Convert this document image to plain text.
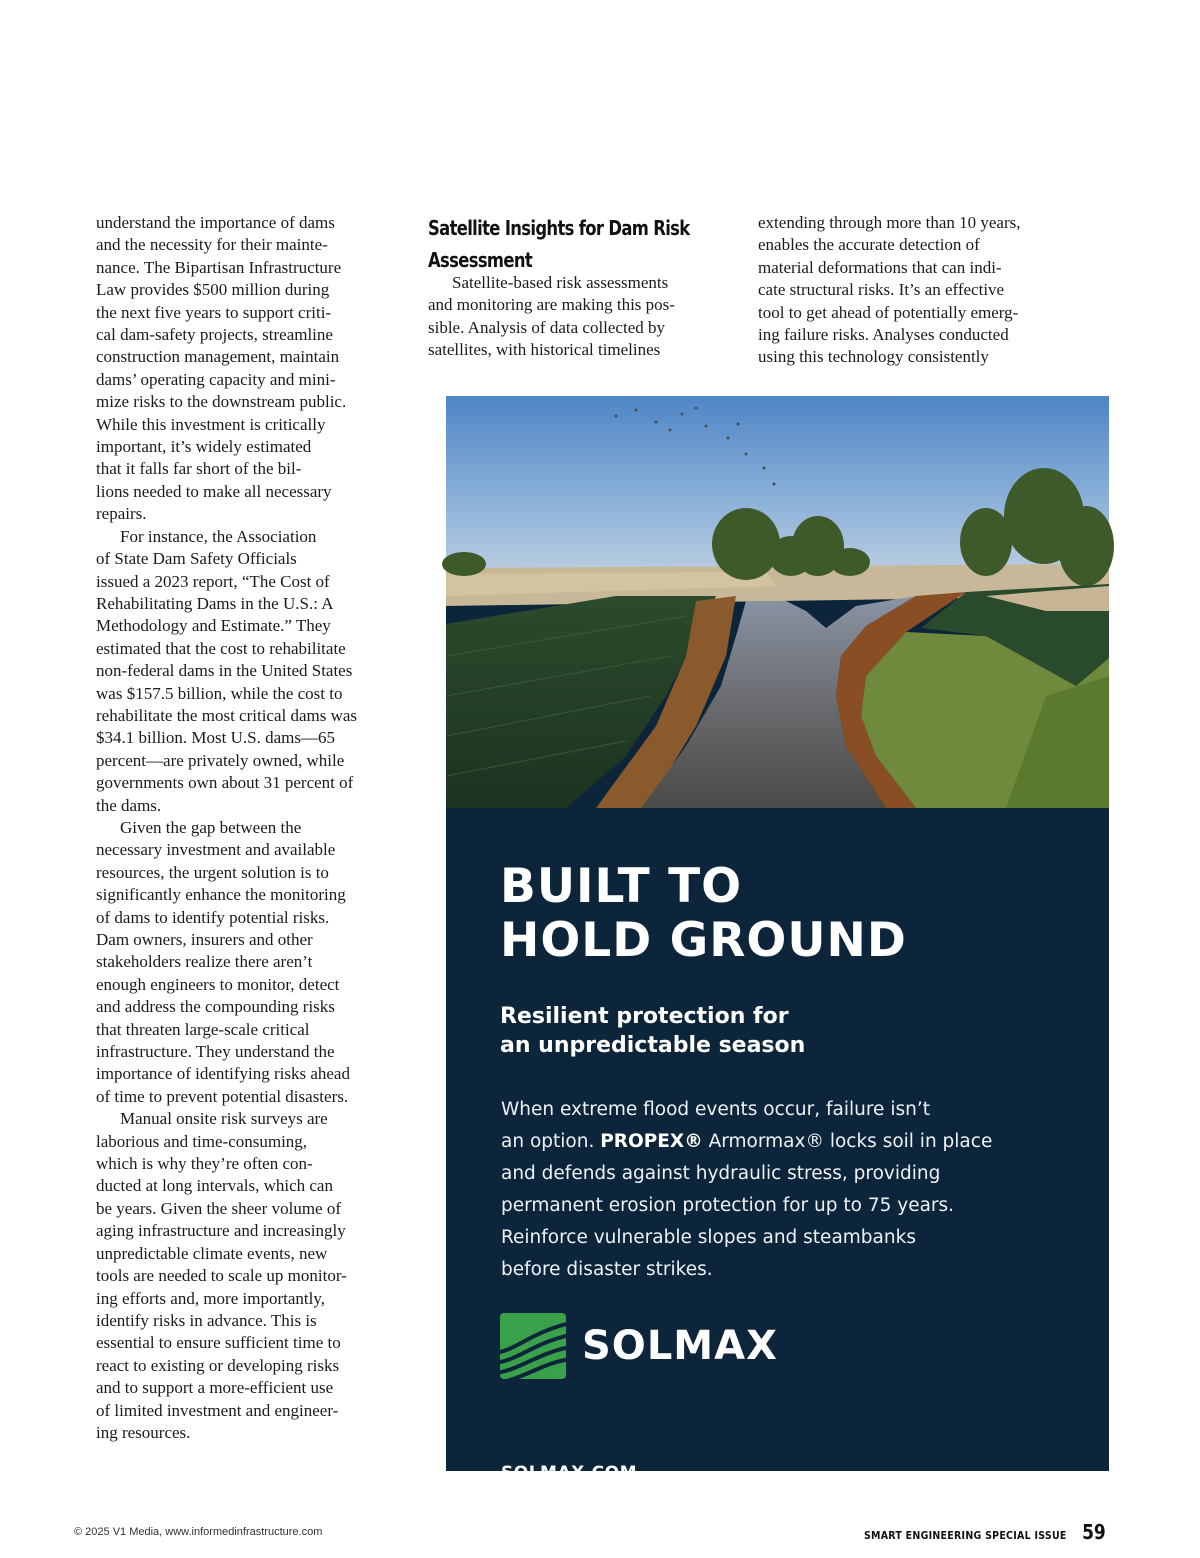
understand the importance of dams
and the necessity for their mainte-
nance. The Bipartisan Infrastructure
Law provides $500 million during
the next five years to support criti-
cal dam-safety projects, streamline
construction management, maintain
dams’ operating capacity and mini-
mize risks to the downstream public.
While this investment is critically
important, it’s widely estimated
that it falls far short of the bil-
lions needed to make all necessary
repairs.

For instance, the Association
of State Dam Safety Officials
issued a 2023 report, “The Cost of
Rehabilitating Dams in the U.S.: A
Methodology and Estimate.” They
estimated that the cost to rehabilitate
non-federal dams in the United States
was $157.5 billion, while the cost to
rehabilitate the most critical dams was
$34.1 billion. Most U.S. dams—65
percent—are privately owned, while
governments own about 31 percent of
the dams.

Given the gap between the
necessary investment and available
resources, the urgent solution is to
significantly enhance the monitoring
of dams to identify potential risks.
Dam owners, insurers and other
stakeholders realize there aren’t
enough engineers to monitor, detect
and address the compounding risks
that threaten large-scale critical
infrastructure. They understand the
importance of identifying risks ahead
of time to prevent potential disasters.

Manual onsite risk surveys are
laborious and time-consuming,
which is why they’re often con-
ducted at long intervals, which can
be years. Given the sheer volume of
aging infrastructure and increasingly
unpredictable climate events, new
tools are needed to scale up monitor-
ing efforts and, more importantly,
identify risks in advance. This is
essential to ensure sufficient time to
react to existing or developing risks
and to support a more-efficient use
of limited investment and engineer-
ing resources.

Satellite Insights for Dam Risk
Assessment

Satellite-based risk assessments
and monitoring are making this pos-
sible. Analysis of data collected by
satellites, with historical timelines

extending through more than 10 years,
enables the accurate detection of
material deformations that can indi-
cate structural risks. It’s an effective
tool to get ahead of potentially emerg-
ing failure risks. Analyses conducted
using this technology consistently

BUILT TO
HOLD GROUND
Resilient protection for
an unpredictable season
When extreme flood events occur, failure isn’t
an option. PROPEX® Armormax® locks soil in place
and defends against hydraulic stress, providing
permanent erosion protection for up to 75 years.
Reinforce vulnerable slopes and steambanks
before disaster strikes.
SOLMAX
SOLMAX.COM
© 2025 V1 Media, www.informedinfrastructure.com	SMART ENGINEERING SPECIAL ISSUE 59
